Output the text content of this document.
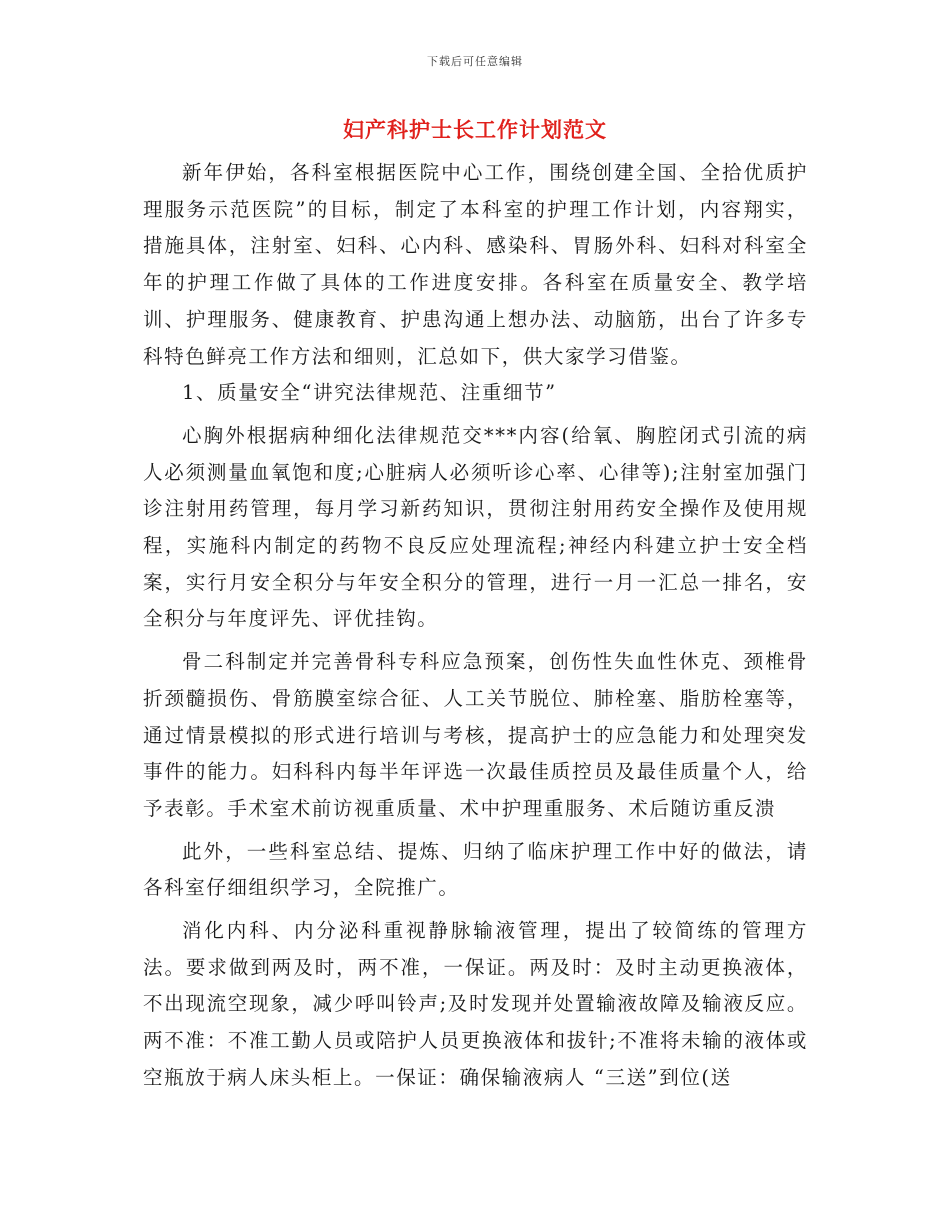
下载后可任意编辑
妇产科护士长工作计划范文

新年伊始，各科室根据医院中心工作，围绕创建全国、全拾优质护理服务示范医院”的目标，制定了本科室的护理工作计划，内容翔实，措施具体，注射室、妇科、心内科、感染科、胃肠外科、妇科对科室全年的护理工作做了具体的工作进度安排。各科室在质量安全、教学培训、护理服务、健康教育、护患沟通上想办法、动脑筋，出台了许多专科特色鲜亮工作方法和细则，汇总如下，供大家学习借鉴。

1、质量安全“讲究法律规范、注重细节”

心胸外根据病种细化法律规范交***内容(给氧、胸腔闭式引流的病人必须测量血氧饱和度;心脏病人必须听诊心率、心律等);注射室加强门诊注射用药管理，每月学习新药知识，贯彻注射用药安全操作及使用规程，实施科内制定的药物不良反应处理流程;神经内科建立护士安全档案，实行月安全积分与年安全积分的管理，进行一月一汇总一排名，安全积分与年度评先、评优挂钩。

骨二科制定并完善骨科专科应急预案，创伤性失血性休克、颈椎骨折颈髓损伤、骨筋膜室综合征、人工关节脱位、肺栓塞、脂肪栓塞等，通过情景模拟的形式进行培训与考核，提高护士的应急能力和处理突发事件的能力。妇科科内每半年评选一次最佳质控员及最佳质量个人，给予表彰。手术室术前访视重质量、术中护理重服务、术后随访重反溃

此外，一些科室总结、提炼、归纳了临床护理工作中好的做法，请各科室仔细组织学习，全院推广。

消化内科、内分泌科重视静脉输液管理，提出了较简练的管理方法。要求做到两及时，两不准，一保证。两及时：及时主动更换液体，不出现流空现象，减少呼叫铃声;及时发现并处置输液故障及输液反应。两不准：不准工勤人员或陪护人员更换液体和拔针;不准将未输的液体或空瓶放于病人床头柜上。一保证：确保输液病人 “三送”到位(送
